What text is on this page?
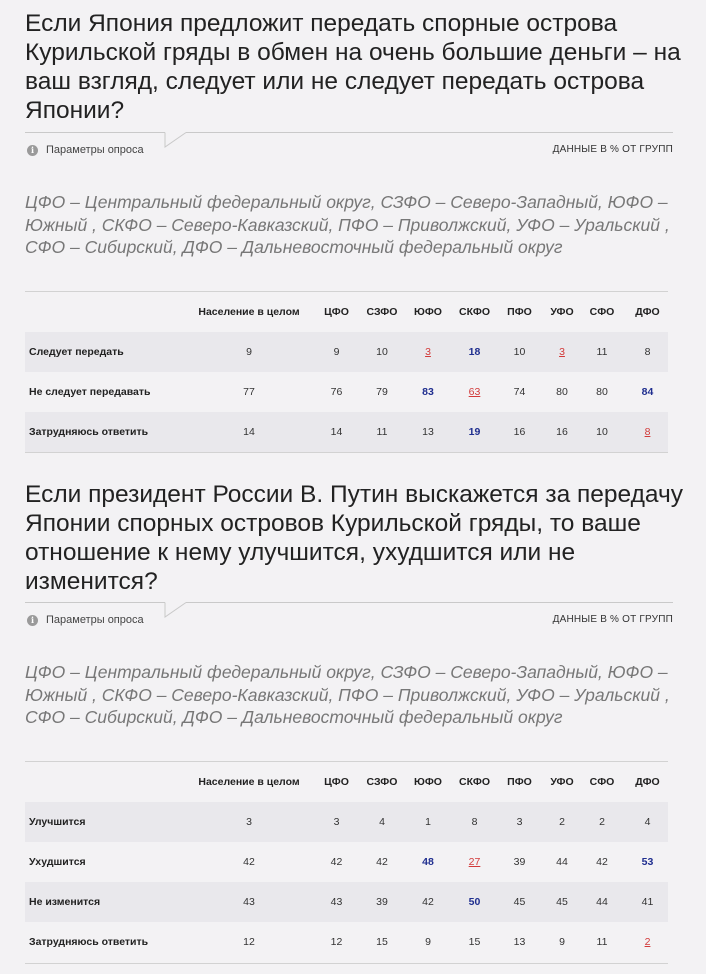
Если Япония предложит передать спорные острова Курильской гряды в обмен на очень большие деньги – на ваш взгляд, следует или не следует передать острова Японии?
i	Параметры опроса	ДАННЫЕ В % ОТ ГРУПП

ЦФО – Центральный федеральный округ, СЗФО – Северо-Западный, ЮФО – Южный , СКФО – Северо-Кавказский, ПФО – Приволжский, УФО – Уральский , СФО – Сибирский, ДФО – Дальневосточный федеральный округ

	Население в целом	ЦФО	СЗФО	ЮФО	СКФО	ПФО	УФО	СФО	ДФО
Следует передать	9	9	10	3	18	10	3	11	8
Не следует передавать	77	76	79	83	63	74	80	80	84
Затрудняюсь ответить	14	14	11	13	19	16	16	10	8
Если президент России В. Путин выскажется за передачу Японии спорных островов Курильской гряды, то ваше отношение к нему улучшится, ухудшится или не изменится?
i	Параметры опроса	ДАННЫЕ В % ОТ ГРУПП

ЦФО – Центральный федеральный округ, СЗФО – Северо-Западный, ЮФО – Южный , СКФО – Северо-Кавказский, ПФО – Приволжский, УФО – Уральский , СФО – Сибирский, ДФО – Дальневосточный федеральный округ

	Население в целом	ЦФО	СЗФО	ЮФО	СКФО	ПФО	УФО	СФО	ДФО
Улучшится	3	3	4	1	8	3	2	2	4
Ухудшится	42	42	42	48	27	39	44	42	53
Не изменится	43	43	39	42	50	45	45	44	41
Затрудняюсь ответить	12	12	15	9	15	13	9	11	2
